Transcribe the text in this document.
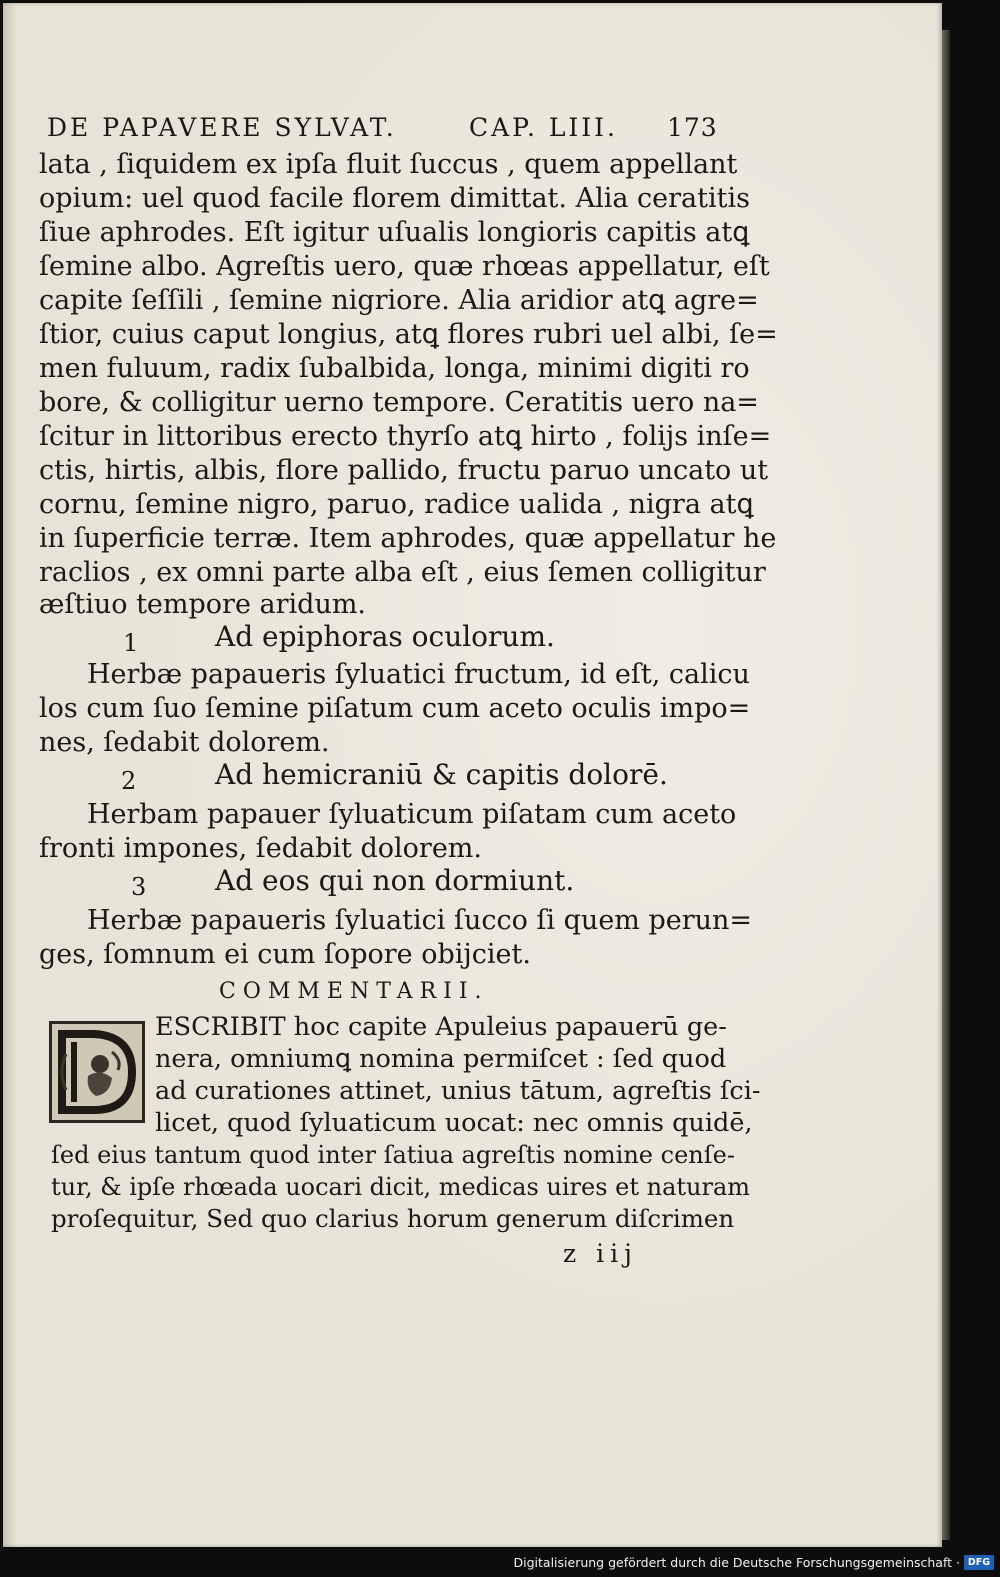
DE PAPAVERE SYLVAT.	CAP. LIII. 173

lata , ſiquidem ex ipſa fluit ſuccus , quem appellant

opium: uel quod facile florem dimittat. Alia ceratitis

ſiue aphrodes. Eſt igitur uſualis longioris capitis atꝗ

ſemine albo. Agreſtis uero, quæ rhœas appellatur, eſt

capite ſeſſili , ſemine nigriore. Alia aridior atꝗ agre=

ſtior, cuius caput longius, atꝗ flores rubri uel albi, ſe=

men fuluum, radix ſubalbida, longa, minimi digiti ro

bore, & colligitur uerno tempore. Ceratitis uero na=

ſcitur in littoribus erecto thyrſo atꝗ hirto , folijs inſe=

ctis, hirtis, albis, flore pallido, fructu paruo uncato ut

cornu, ſemine nigro, paruo, radice ualida , nigra atꝗ

in ſuperficie terræ. Item aphrodes, quæ appellatur he

raclios , ex omni parte alba eſt , eius ſemen colligitur

æſtiuo tempore aridum.

1	Ad epiphoras oculorum.

Herbæ papaueris ſyluatici fructum, id eſt, calicu

los cum ſuo ſemine piſatum cum aceto oculis impo=

nes, ſedabit dolorem.

2	Ad hemicraniū & capitis dolorē.

Herbam papauer ſyluaticum piſatam cum aceto

fronti impones, ſedabit dolorem.

3 Ad eos qui non dormiunt.

Herbæ papaueris ſyluatici ſucco ſi quem perun=

ges, ſomnum ei cum ſopore obijciet.

COMMENTARII.

ESCRIBIT hoc capite Apuleius papauerū ge-

nera, omniumꝗ nomina permiſcet : ſed quod

ad curationes attinet, unius tātum, agreſtis ſci-

licet, quod ſyluaticum uocat: nec omnis quidē,

ſed eius tantum quod inter ſatiua agreſtis nomine cenſe-

tur, & ipſe rhœada uocari dicit, medicas uires et naturam

proſequitur, Sed quo clarius horum generum diſcrimen

z iij

Digitalisierung gefördert durch die Deutsche Forschungsgemeinschaft · DFG
